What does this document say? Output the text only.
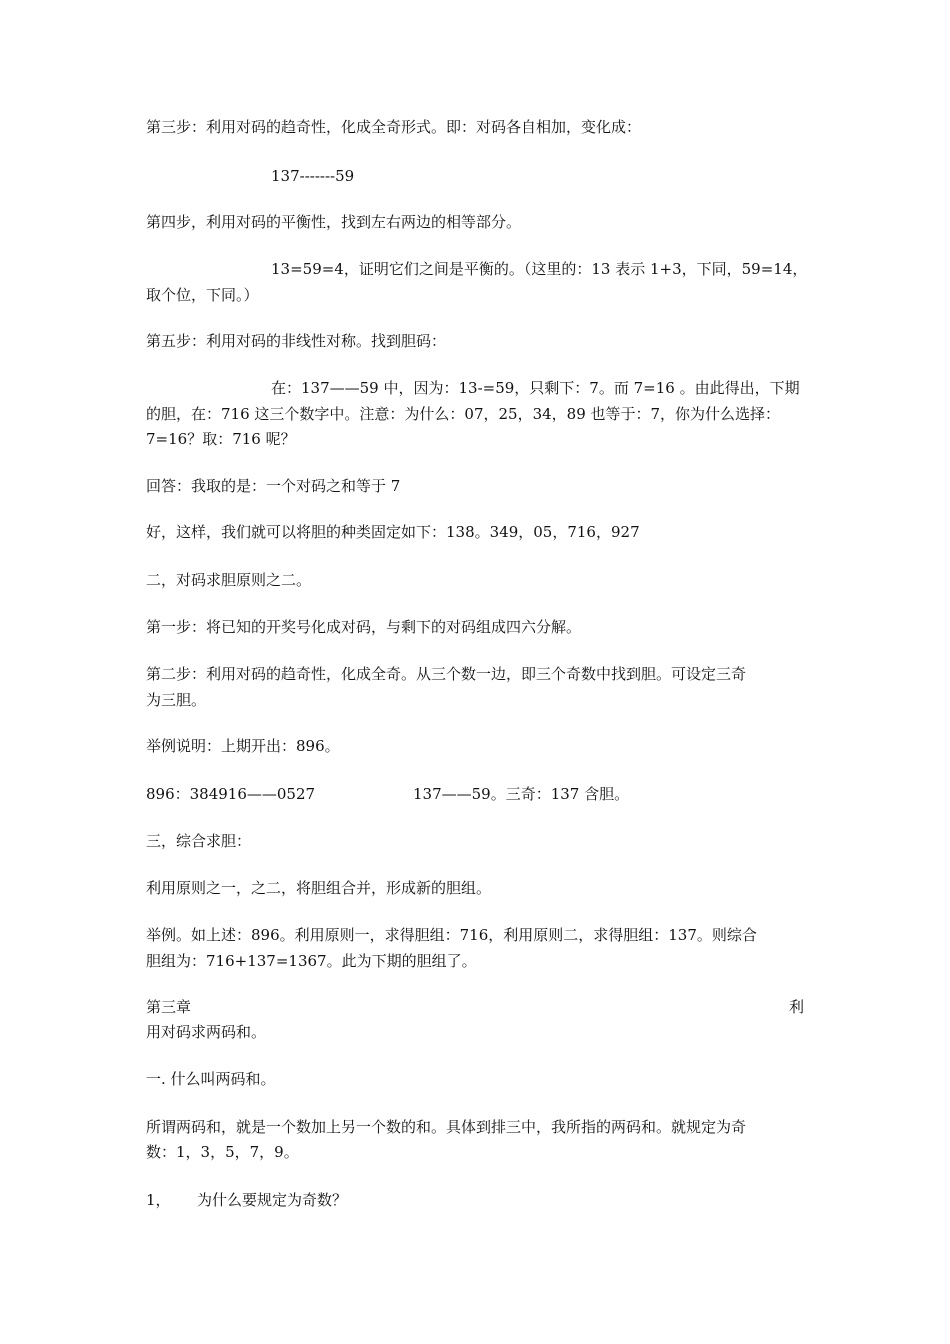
第三步：利用对码的趋奇性，化成全奇形式。即：对码各自相加，变化成：
137-------59
第四步，利用对码的平衡性，找到左右两边的相等部分。
13=59=4，证明它们之间是平衡的。（这里的：13 表示 1+3，下同，59=14，
取个位，下同。）
第五步：利用对码的非线性对称。找到胆码：
在：137——59 中，因为：13-=59，只剩下：7。而 7=16 。由此得出，下期
的胆，在：716 这三个数字中。注意：为什么：07，25，34，89 也等于：7，你为什么选择：
7=16？取：716 呢？
回答：我取的是：一个对码之和等于 7
好，这样，我们就可以将胆的种类固定如下：138。349，05，716，927
二，对码求胆原则之二。
第一步：将已知的开奖号化成对码，与剩下的对码组成四六分解。
第二步：利用对码的趋奇性，化成全奇。从三个数一边，即三个奇数中找到胆。可设定三奇
为三胆。
举例说明：上期开出：896。
896：384916——0527	137——59。三奇：137 含胆。
三，综合求胆：
利用原则之一，之二，将胆组合并，形成新的胆组。
举例。如上述：896。利用原则一，求得胆组：716，利用原则二，求得胆组：137。则综合
胆组为：716+137=1367。此为下期的胆组了。
第三章	利
用对码求两码和。
一. 什么叫两码和。
所谓两码和，就是一个数加上另一个数的和。具体到排三中，我所指的两码和。就规定为奇
数：1，3，5，7，9。
1， 为什么要规定为奇数？
